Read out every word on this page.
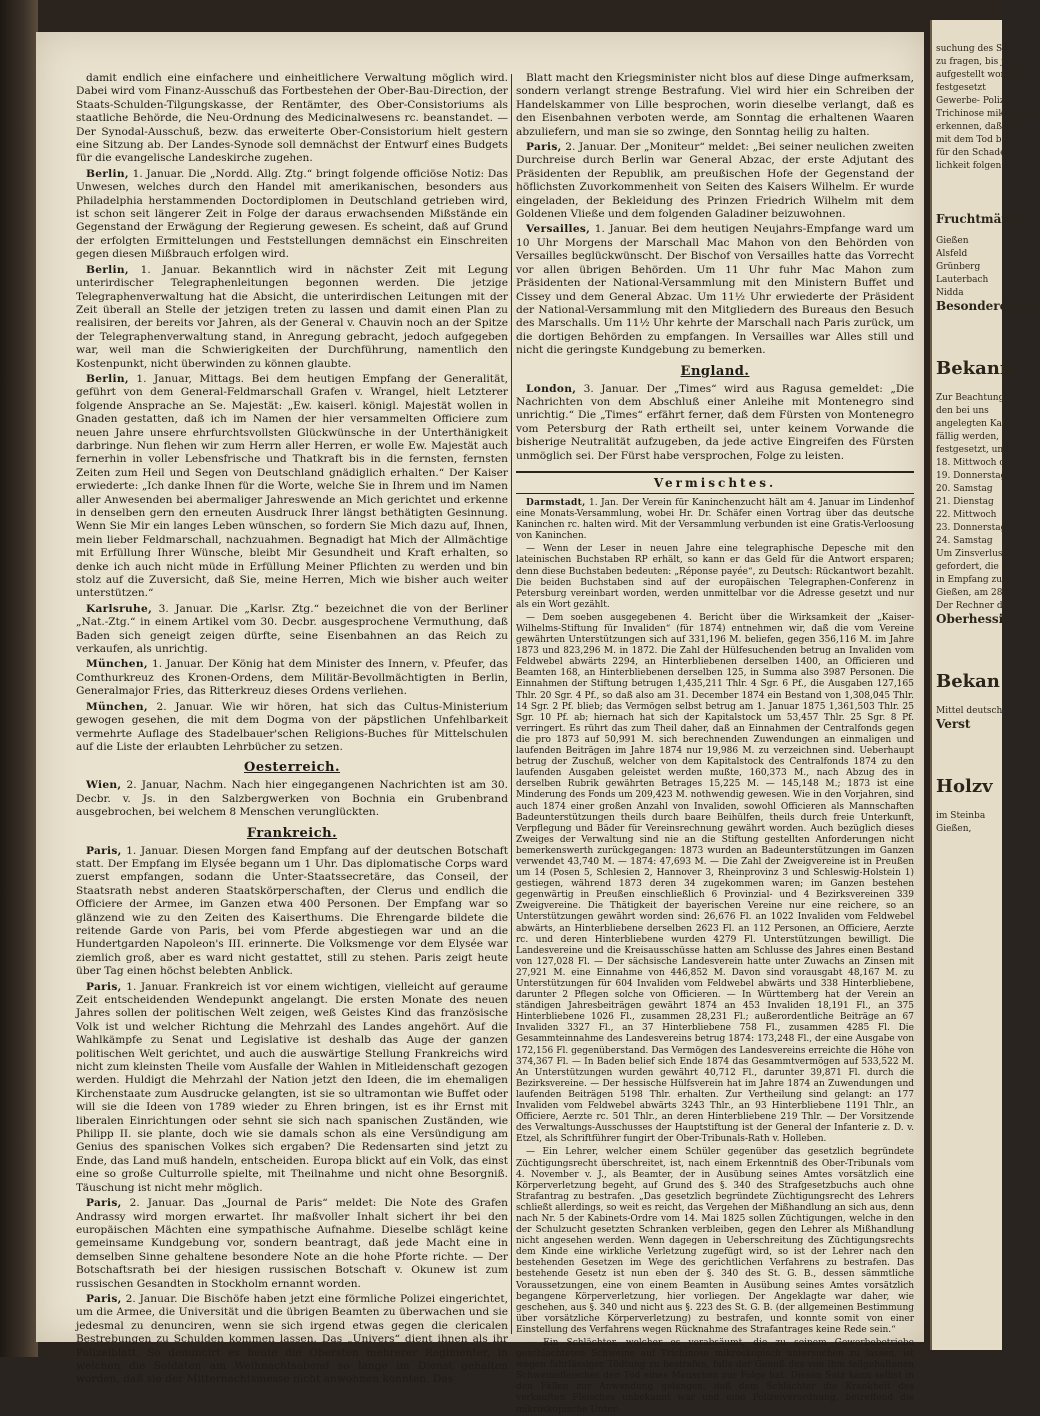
damit endlich eine einfachere und einheitlichere Verwaltung möglich wird. Dabei wird vom Finanz-Ausschuß das Fortbestehen der Ober-Bau-Direction, der Staats-Schulden-Tilgungskasse, der Rentämter, des Ober-Consistoriums als staatliche Behörde, die Neu-Ordnung des Medicinalwesens rc. beanstandet. — Der Synodal-Ausschuß, bezw. das erweiterte Ober-Consistorium hielt gestern eine Sitzung ab. Der Landes-Synode soll demnächst der Entwurf eines Budgets für die evangelische Landeskirche zugehen.

Berlin, 1. Januar. Die „Nordd. Allg. Ztg.“ bringt folgende officiöse Notiz: Das Unwesen, welches durch den Handel mit amerikanischen, besonders aus Philadelphia herstammenden Doctordiplomen in Deutschland getrieben wird, ist schon seit längerer Zeit in Folge der daraus erwachsenden Mißstände ein Gegenstand der Erwägung der Regierung gewesen. Es scheint, daß auf Grund der erfolgten Ermittelungen und Feststellungen demnächst ein Einschreiten gegen diesen Mißbrauch erfolgen wird.

Berlin, 1. Januar. Bekanntlich wird in nächster Zeit mit Legung unterirdischer Telegraphenleitungen begonnen werden. Die jetzige Telegraphenverwaltung hat die Absicht, die unterirdischen Leitungen mit der Zeit überall an Stelle der jetzigen treten zu lassen und damit einen Plan zu realisiren, der bereits vor Jahren, als der General v. Chauvin noch an der Spitze der Telegraphenverwaltung stand, in Anregung gebracht, jedoch aufgegeben war, weil man die Schwierigkeiten der Durchführung, namentlich den Kostenpunkt, nicht überwinden zu können glaubte.

Berlin, 1. Januar, Mittags. Bei dem heutigen Empfang der Generalität, geführt von dem General-Feldmarschall Grafen v. Wrangel, hielt Letzterer folgende Ansprache an Se. Majestät: „Ew. kaiserl. königl. Majestät wollen in Gnaden gestatten, daß ich im Namen der hier versammelten Officiere zum neuen Jahre unsere ehrfurchtsvollsten Glückwünsche in der Unterthänigkeit darbringe. Nun flehen wir zum Herrn aller Herren, er wolle Ew. Majestät auch fernerhin in voller Lebensfrische und Thatkraft bis in die fernsten, fernsten Zeiten zum Heil und Segen von Deutschland gnädiglich erhalten.“ Der Kaiser erwiederte: „Ich danke Ihnen für die Worte, welche Sie in Ihrem und im Namen aller Anwesenden bei abermaliger Jahreswende an Mich gerichtet und erkenne in denselben gern den erneuten Ausdruck Ihrer längst bethätigten Gesinnung. Wenn Sie Mir ein langes Leben wünschen, so fordern Sie Mich dazu auf, Ihnen, mein lieber Feldmarschall, nachzuahmen. Begnadigt hat Mich der Allmächtige mit Erfüllung Ihrer Wünsche, bleibt Mir Gesundheit und Kraft erhalten, so denke ich auch nicht müde in Erfüllung Meiner Pflichten zu werden und bin stolz auf die Zuversicht, daß Sie, meine Herren, Mich wie bisher auch weiter unterstützen.“

Karlsruhe, 3. Januar. Die „Karlsr. Ztg.“ bezeichnet die von der Berliner „Nat.-Ztg.“ in einem Artikel vom 30. Decbr. ausgesprochene Vermuthung, daß Baden sich geneigt zeigen dürfte, seine Eisenbahnen an das Reich zu verkaufen, als unrichtig.

München, 1. Januar. Der König hat dem Minister des Innern, v. Pfeufer, das Comthurkreuz des Kronen-Ordens, dem Militär-Bevollmächtigten in Berlin, Generalmajor Fries, das Ritterkreuz dieses Ordens verliehen.

München, 2. Januar. Wie wir hören, hat sich das Cultus-Ministerium gewogen gesehen, die mit dem Dogma von der päpstlichen Unfehlbarkeit vermehrte Auflage des Stadelbauer'schen Religions-Buches für Mittelschulen auf die Liste der erlaubten Lehrbücher zu setzen.

Oesterreich.

Wien, 2. Januar, Nachm. Nach hier eingegangenen Nachrichten ist am 30. Decbr. v. Js. in den Salzbergwerken von Bochnia ein Grubenbrand ausgebrochen, bei welchem 8 Menschen verunglückten.

Frankreich.

Paris, 1. Januar. Diesen Morgen fand Empfang auf der deutschen Botschaft statt. Der Empfang im Elysée begann um 1 Uhr. Das diplomatische Corps ward zuerst empfangen, sodann die Unter-Staatssecretäre, das Conseil, der Staatsrath nebst anderen Staatskörperschaften, der Clerus und endlich die Officiere der Armee, im Ganzen etwa 400 Personen. Der Empfang war so glänzend wie zu den Zeiten des Kaiserthums. Die Ehrengarde bildete die reitende Garde von Paris, bei vom Pferde abgestiegen war und an die Hundertgarden Napoleon's III. erinnerte. Die Volksmenge vor dem Elysée war ziemlich groß, aber es ward nicht gestattet, still zu stehen. Paris zeigt heute über Tag einen höchst belebten Anblick.

Paris, 1. Januar. Frankreich ist vor einem wichtigen, vielleicht auf geraume Zeit entscheidenden Wendepunkt angelangt. Die ersten Monate des neuen Jahres sollen der politischen Welt zeigen, weß Geistes Kind das französische Volk ist und welcher Richtung die Mehrzahl des Landes angehört. Auf die Wahlkämpfe zu Senat und Legislative ist deshalb das Auge der ganzen politischen Welt gerichtet, und auch die auswärtige Stellung Frankreichs wird nicht zum kleinsten Theile vom Ausfalle der Wahlen in Mitleidenschaft gezogen werden. Huldigt die Mehrzahl der Nation jetzt den Ideen, die im ehemaligen Kirchenstaate zum Ausdrucke gelangten, ist sie so ultramontan wie Buffet oder will sie die Ideen von 1789 wieder zu Ehren bringen, ist es ihr Ernst mit liberalen Einrichtungen oder sehnt sie sich nach spanischen Zuständen, wie Philipp II. sie plante, doch wie sie damals schon als eine Versündigung am Genius des spanischen Volkes sich ergaben? Die Redensarten sind jetzt zu Ende, das Land muß handeln, entscheiden. Europa blickt auf ein Volk, das einst eine so große Culturrolle spielte, mit Theilnahme und nicht ohne Besorgniß. Täuschung ist nicht mehr möglich.

Paris, 2. Januar. Das „Journal de Paris“ meldet: Die Note des Grafen Andrassy wird morgen erwartet. Ihr maßvoller Inhalt sichert ihr bei den europäischen Mächten eine sympathische Aufnahme. Dieselbe schlägt keine gemeinsame Kundgebung vor, sondern beantragt, daß jede Macht eine in demselben Sinne gehaltene besondere Note an die hohe Pforte richte. — Der Botschaftsrath bei der hiesigen russischen Botschaft v. Okunew ist zum russischen Gesandten in Stockholm ernannt worden.

Paris, 2. Januar. Die Bischöfe haben jetzt eine förmliche Polizei eingerichtet, um die Armee, die Universität und die übrigen Beamten zu überwachen und sie jedesmal zu denunciren, wenn sie sich irgend etwas gegen die clericalen Bestrebungen zu Schulden kommen lassen. Das „Univers“ dient ihnen als ihr Polizeiblatt. So denuncirt es heute die Obersten mehrerer Regimenter, in welchen die Soldaten am Weihnachtsabend so lange im Dienst gehalten worden, daß sie der Mitternachtsmesse nicht anwohnen konnten. Das

Blatt macht den Kriegsminister nicht blos auf diese Dinge aufmerksam, sondern verlangt strenge Bestrafung. Viel wird hier ein Schreiben der Handelskammer von Lille besprochen, worin dieselbe verlangt, daß es den Eisenbahnen verboten werde, am Sonntag die erhaltenen Waaren abzuliefern, und man sie so zwinge, den Sonntag heilig zu halten.

Paris, 2. Januar. Der „Moniteur“ meldet: „Bei seiner neulichen zweiten Durchreise durch Berlin war General Abzac, der erste Adjutant des Präsidenten der Republik, am preußischen Hofe der Gegenstand der höflichsten Zuvorkommenheit von Seiten des Kaisers Wilhelm. Er wurde eingeladen, der Bekleidung des Prinzen Friedrich Wilhelm mit dem Goldenen Vließe und dem folgenden Galadiner beizuwohnen.

Versailles, 1. Januar. Bei dem heutigen Neujahrs-Empfange ward um 10 Uhr Morgens der Marschall Mac Mahon von den Behörden von Versailles beglückwünscht. Der Bischof von Versailles hatte das Vorrecht vor allen übrigen Behörden. Um 11 Uhr fuhr Mac Mahon zum Präsidenten der National-Versammlung mit den Ministern Buffet und Cissey und dem General Abzac. Um 11½ Uhr erwiederte der Präsident der National-Versammlung mit den Mitgliedern des Bureaus den Besuch des Marschalls. Um 11½ Uhr kehrte der Marschall nach Paris zurück, um die dortigen Behörden zu empfangen. In Versailles war Alles still und nicht die geringste Kundgebung zu bemerken.

England.

London, 3. Januar. Der „Times“ wird aus Ragusa gemeldet: „Die Nachrichten von dem Abschluß einer Anleihe mit Montenegro sind unrichtig.“ Die „Times“ erfährt ferner, daß dem Fürsten von Montenegro vom Petersburg der Rath ertheilt sei, unter keinem Vorwande die bisherige Neutralität aufzugeben, da jede active Eingreifen des Fürsten unmöglich sei. Der Fürst habe versprochen, Folge zu leisten.

Vermischtes.

Darmstadt, 1. Jan. Der Verein für Kaninchenzucht hält am 4. Januar im Lindenhof eine Monats-Versammlung, wobei Hr. Dr. Schäfer einen Vortrag über das deutsche Kaninchen rc. halten wird. Mit der Versammlung verbunden ist eine Gratis-Verloosung von Kaninchen.

— Wenn der Leser in neuen Jahre eine telegraphische Depesche mit den lateinischen Buchstaben RP erhält, so kann er das Geld für die Antwort ersparen; denn diese Buchstaben bedeuten: „Réponse payée“, zu Deutsch: Rückantwort bezahlt. Die beiden Buchstaben sind auf der europäischen Telegraphen-Conferenz in Petersburg vereinbart worden, werden unmittelbar vor die Adresse gesetzt und nur als ein Wort gezählt.

— Dem soeben ausgegebenen 4. Bericht über die Wirksamkeit der „Kaiser-Wilhelms-Stiftung für Invaliden“ (für 1874) entnehmen wir, daß die vom Vereine gewährten Unterstützungen sich auf 331,196 M. beliefen, gegen 356,116 M. im Jahre 1873 und 823,296 M. in 1872. Die Zahl der Hülfesuchenden betrug an Invaliden vom Feldwebel abwärts 2294, an Hinterbliebenen derselben 1400, an Officieren und Beamten 168, an Hinterbliebenen derselben 125, in Summa also 3987 Personen. Die Einnahmen der Stiftung betrugen 1,435,211 Thlr. 4 Sgr. 6 Pf., die Ausgaben 127,165 Thlr. 20 Sgr. 4 Pf., so daß also am 31. December 1874 ein Bestand von 1,308,045 Thlr. 14 Sgr. 2 Pf. blieb; das Vermögen selbst betrug am 1. Januar 1875 1,361,503 Thlr. 25 Sgr. 10 Pf. ab; hiernach hat sich der Kapitalstock um 53,457 Thlr. 25 Sgr. 8 Pf. verringert. Es rührt das zum Theil daher, daß an Einnahmen der Centralfonds gegen die pro 1873 auf 50,991 M. sich berechnenden Zuwendungen an einmaligen und laufenden Beiträgen im Jahre 1874 nur 19,986 M. zu verzeichnen sind. Ueberhaupt betrug der Zuschuß, welcher von dem Kapitalstock des Centralfonds 1874 zu den laufenden Ausgaben geleistet werden mußte, 160,373 M., nach Abzug des in derselben Rubrik gewährten Betrages 15,225 M. — 145,148 M.; 1873 ist eine Minderung des Fonds um 209,423 M. nothwendig gewesen. Wie in den Vorjahren, sind auch 1874 einer großen Anzahl von Invaliden, sowohl Officieren als Mannschaften Badeunterstützungen theils durch baare Beihülfen, theils durch freie Unterkunft, Verpflegung und Bäder für Vereinsrechnung gewährt worden. Auch bezüglich dieses Zweiges der Verwaltung sind nie an die Stiftung gestellten Anforderungen nicht bemerkenswerth zurückgegangen: 1873 wurden an Badeunterstützungen im Ganzen verwendet 43,740 M. — 1874: 47,693 M. — Die Zahl der Zweigvereine ist in Preußen um 14 (Posen 5, Schlesien 2, Hannover 3, Rheinprovinz 3 und Schleswig-Holstein 1) gestiegen, während 1873 deren 34 zugekommen waren; im Ganzen bestehen gegenwärtig in Preußen einschließlich 6 Provinzial- und 4 Bezirksvereinen 339 Zweigvereine. Die Thätigkeit der bayerischen Vereine nur eine reichere, so an Unterstützungen gewährt worden sind: 26,676 Fl. an 1022 Invaliden vom Feldwebel abwärts, an Hinterbliebene derselben 2623 Fl. an 112 Personen, an Officiere, Aerzte rc. und deren Hinterbliebene wurden 4279 Fl. Unterstützungen bewilligt. Die Landesvereine und die Kreisausschüsse hatten am Schlusse des Jahres einen Bestand von 127,028 Fl. — Der sächsische Landesverein hatte unter Zuwachs an Zinsen mit 27,921 M. eine Einnahme von 446,852 M. Davon sind vorausgabt 48,167 M. zu Unterstützungen für 604 Invaliden vom Feldwebel abwärts und 338 Hinterbliebene, darunter 2 Pflegen solche von Officieren. — In Württemberg hat der Verein an ständigen Jahresbeiträgen gewährt 1874 an 453 Invaliden 18,191 Fl., an 375 Hinterbliebene 1026 Fl., zusammen 28,231 Fl.; außerordentliche Beiträge an 67 Invaliden 3327 Fl., an 37 Hinterbliebene 758 Fl., zusammen 4285 Fl. Die Gesammteinnahme des Landesvereins betrug 1874: 173,248 Fl., der eine Ausgabe von 172,156 Fl. gegenüberstand. Das Vermögen des Landesvereins erreichte die Höhe von 374,367 Fl. — In Baden belief sich Ende 1874 das Gesammtvermögen auf 533,522 M. An Unterstützungen wurden gewährt 40,712 Fl., darunter 39,871 Fl. durch die Bezirksvereine. — Der hessische Hülfsverein hat im Jahre 1874 an Zuwendungen und laufenden Beiträgen 5198 Thlr. erhalten. Zur Vertheilung sind gelangt: an 177 Invaliden vom Feldwebel abwärts 3243 Thlr., an 93 Hinterbliebene 1191 Thlr., an Officiere, Aerzte rc. 501 Thlr., an deren Hinterbliebene 219 Thlr. — Der Vorsitzende des Verwaltungs-Ausschusses der Hauptstiftung ist der General der Infanterie z. D. v. Etzel, als Schriftführer fungirt der Ober-Tribunals-Rath v. Holleben.

— Ein Lehrer, welcher einem Schüler gegenüber das gesetzlich begründete Züchtigungsrecht überschreitet, ist, nach einem Erkenntniß des Ober-Tribunals vom 4. November v. J., als Beamter, der in Ausübung seines Amtes vorsätzlich eine Körperverletzung begeht, auf Grund des §. 340 des Strafgesetzbuchs auch ohne Strafantrag zu bestrafen. „Das gesetzlich begründete Züchtigungsrecht des Lehrers schließt allerdings, so weit es reicht, das Vergehen der Mißhandlung an sich aus, denn nach Nr. 5 der Kabinets-Ordre vom 14. Mai 1825 sollen Züchtigungen, welche in den der Schulzucht gesetzten Schranken verbleiben, gegen den Lehrer als Mißhandlung nicht angesehen werden. Wenn dagegen in Ueberschreitung des Züchtigungsrechts dem Kinde eine wirkliche Verletzung zugefügt wird, so ist der Lehrer nach den bestehenden Gesetzen im Wege des gerichtlichen Verfahrens zu bestrafen. Das bestehende Gesetz ist nun eben der §. 340 des St. G. B., dessen sämmtliche Voraussetzungen, eine von einem Beamten in Ausübung seines Amtes vorsätzlich begangene Körperverletzung, hier vorliegen. Der Angeklagte war daher, wie geschehen, aus §. 340 und nicht aus §. 223 des St. G. B. (der allgemeinen Bestimmung über vorsätzliche Körperverletzung) zu bestrafen, und konnte somit von einer Einstellung des Verfahrens wegen Rücknahme des Strafantrages keine Rede sein.“

— Ein Schlächter, welcher es verabsäumt, die zu seinem Gewerbebetriebe geschlachteten Schweine auf Trichinose mikroskopisch untersuchen zu lassen, ist wegen fahrlässiger Tödtung zu bestrafen, falls der Genuß des von ihm feilgehaltenen Schweinefleisches den Tod eines Menschen zur Folge hat. Diesen Satz kann selbst in den Fällen zur Anwendung gelangen, daß dem Schlächter die Krankheit des verkauften Fleisches unbekannt war und eine Polizeiverordnung, betreffend die mikroskopische Unter-

suchung des Schw
zu fragen, bis jü
aufgestellt worden
festgesetzt
Gewerbe- Polizei
Trichinose mikroskope
erkennen, daß die
mit dem Tod bezahlt
für den Schaden.
lichkeit folgen.
Fruchtmärkte
Gießen
Alsfeld
Grünberg
Lauterbach
Nidda
Besondere Bek
Bekann
Zur Beachtung
den bei uns
angelegten Kapital
fällig werden,
festgesetzt, und
18. Mittwoch d.
19. Donnerstag
20. Samstag
21. Dienstag
22. Mittwoch
23. Donnerstag
24. Samstag
Um Zinsverluste
gefordert, die Be
in Empfang zu ne
Gießen, am 28
Der Rechner d
Oberhessi
Bekan
Mittel deutsch
Verst
Holzv
im Steinba
Gießen,
